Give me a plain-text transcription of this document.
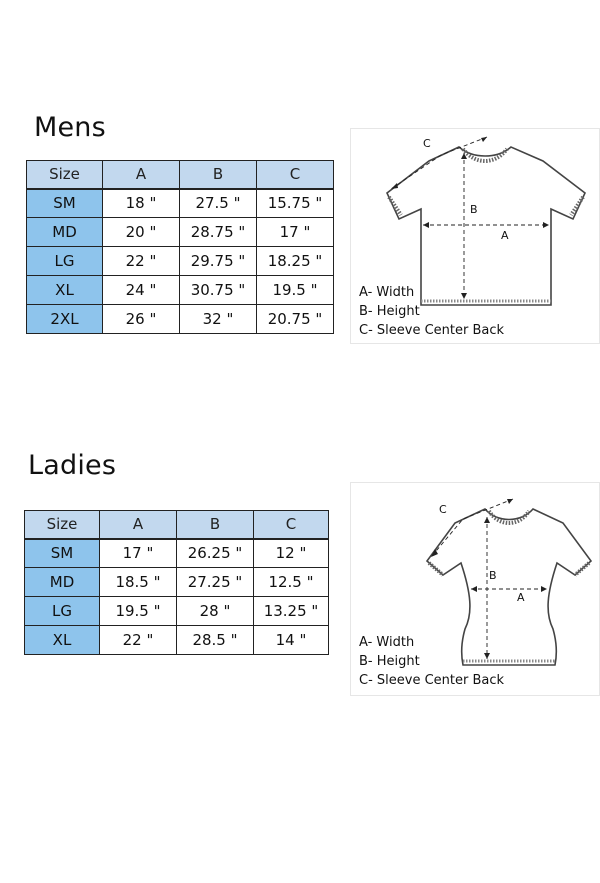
Mens
Size	A	B	C
SM	18 "	27.5 "	15.75 "
MD	20 "	28.75 "	17 "
LG	22 "	29.75 "	18.25 "
XL	24 "	30.75 "	19.5 "
2XL	26 "	32 "	20.75 "
C
B
A
A- Width
B- Height
C- Sleeve Center Back
Ladies
Size	A	B	C
SM	17 "	26.25 "	12 "
MD	18.5 "	27.25 "	12.5 "
LG	19.5 "	28 "	13.25 "
XL	22 "	28.5 "	14 "
C
B
A
A- Width
B- Height
C- Sleeve Center Back
